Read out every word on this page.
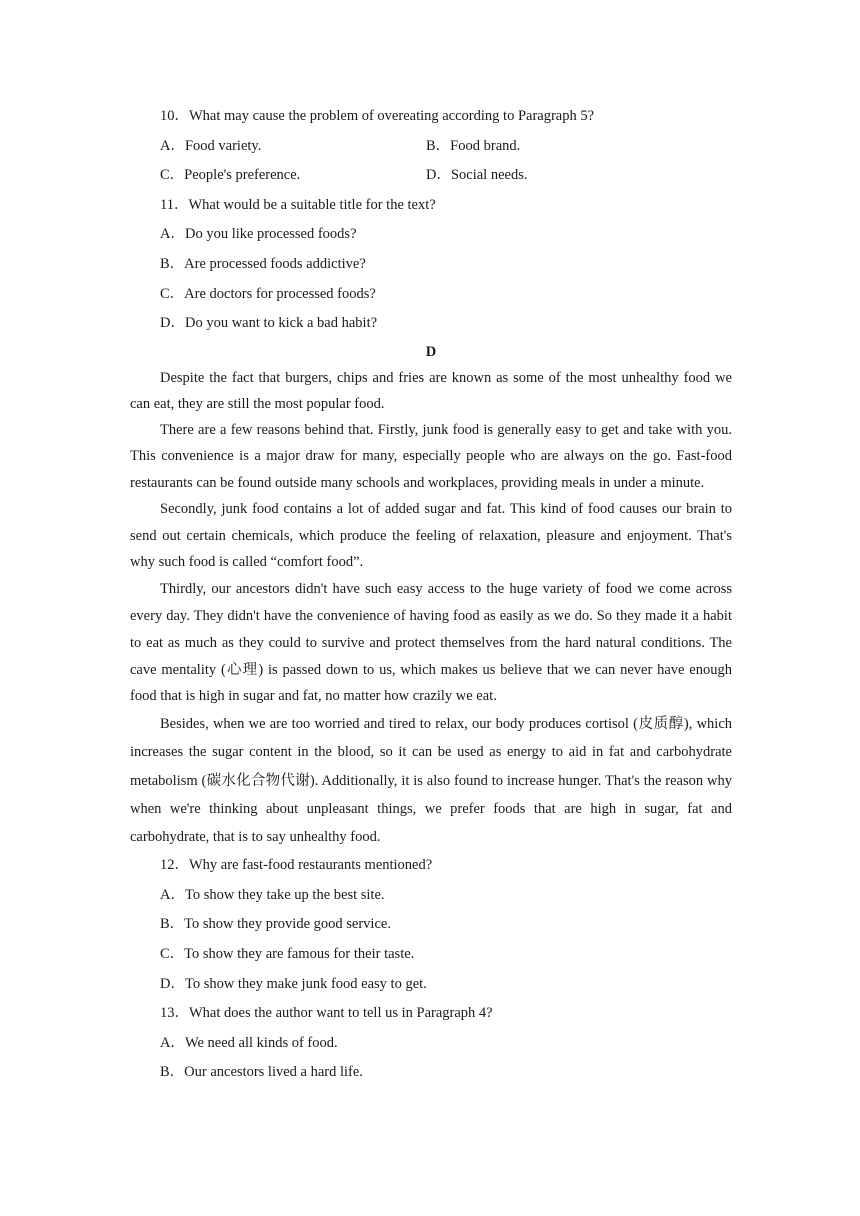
10．What may cause the problem of overeating according to Paragraph 5?
A．Food variety.	B．Food brand.
C．People's preference.	D．Social needs.
11．What would be a suitable title for the text?
A．Do you like processed foods?
B．Are processed foods addictive?
C．Are doctors for processed foods?
D．Do you want to kick a bad habit?
D

Despite the fact that burgers, chips and fries are known as some of the most unhealthy food we can eat, they are still the most popular food.

There are a few reasons behind that. Firstly, junk food is generally easy to get and take with you. This convenience is a major draw for many, especially people who are always on the go. Fast-food restaurants can be found outside many schools and workplaces, providing meals in under a minute.

Secondly, junk food contains a lot of added sugar and fat. This kind of food causes our brain to send out certain chemicals, which produce the feeling of relaxation, pleasure and enjoyment. That's why such food is called “comfort food”.

Thirdly, our ancestors didn't have such easy access to the huge variety of food we come across every day. They didn't have the convenience of having food as easily as we do. So they made it a habit to eat as much as they could to survive and protect themselves from the hard natural conditions. The cave mentality (心理) is passed down to us, which makes us believe that we can never have enough food that is high in sugar and fat, no matter how crazily we eat.

Besides, when we are too worried and tired to relax, our body produces cortisol (皮质醇), which increases the sugar content in the blood, so it can be used as energy to aid in fat and carbohydrate metabolism (碳水化合物代谢). Additionally, it is also found to increase hunger. That's the reason why when we're thinking about unpleasant things, we prefer foods that are high in sugar, fat and carbohydrate, that is to say unhealthy food.

12．Why are fast-food restaurants mentioned?
A．To show they take up the best site.
B．To show they provide good service.
C．To show they are famous for their taste.
D．To show they make junk food easy to get.
13．What does the author want to tell us in Paragraph 4?
A．We need all kinds of food.
B．Our ancestors lived a hard life.
